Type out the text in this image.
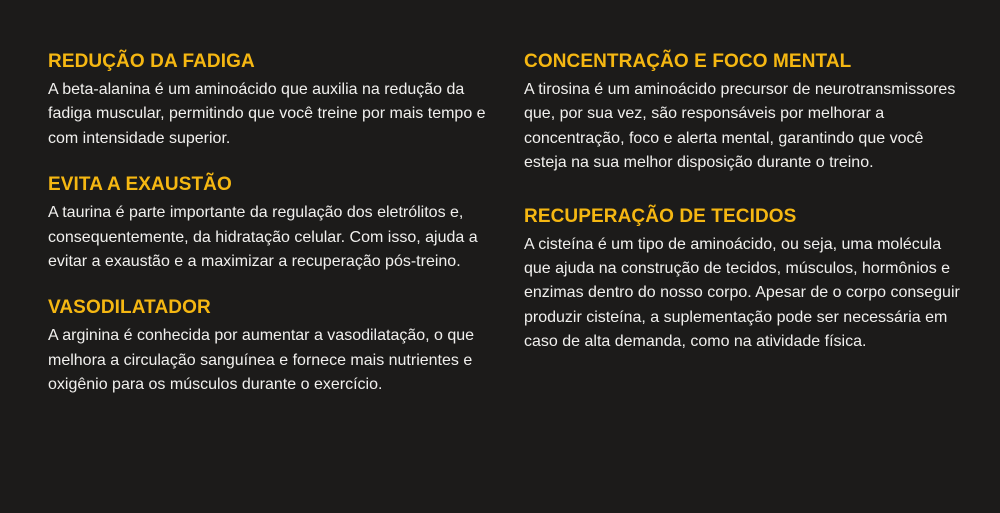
REDUÇÃO DA FADIGA

A beta-alanina é um aminoácido que auxilia na redução da fadiga muscular, permitindo que você treine por mais tempo e com intensidade superior.

EVITA A EXAUSTÃO

A taurina é parte importante da regulação dos eletrólitos e, consequentemente, da hidratação celular. Com isso, ajuda a evitar a exaustão e a maximizar a recuperação pós-treino.

VASODILATADOR

A arginina é conhecida por aumentar a vasodilatação, o que melhora a circulação sanguínea e fornece mais nutrientes e oxigênio para os músculos durante o exercício.

CONCENTRAÇÃO E FOCO MENTAL

A tirosina é um aminoácido precursor de neurotransmissores que, por sua vez, são responsáveis por melhorar a concentração, foco e alerta mental, garantindo que você esteja na sua melhor disposição durante o treino.

RECUPERAÇÃO DE TECIDOS

A cisteína é um tipo de aminoácido, ou seja, uma molécula que ajuda na construção de tecidos, músculos, hormônios e enzimas dentro do nosso corpo. Apesar de o corpo conseguir produzir cisteína, a suplementação pode ser necessária em caso de alta demanda, como na atividade física.
